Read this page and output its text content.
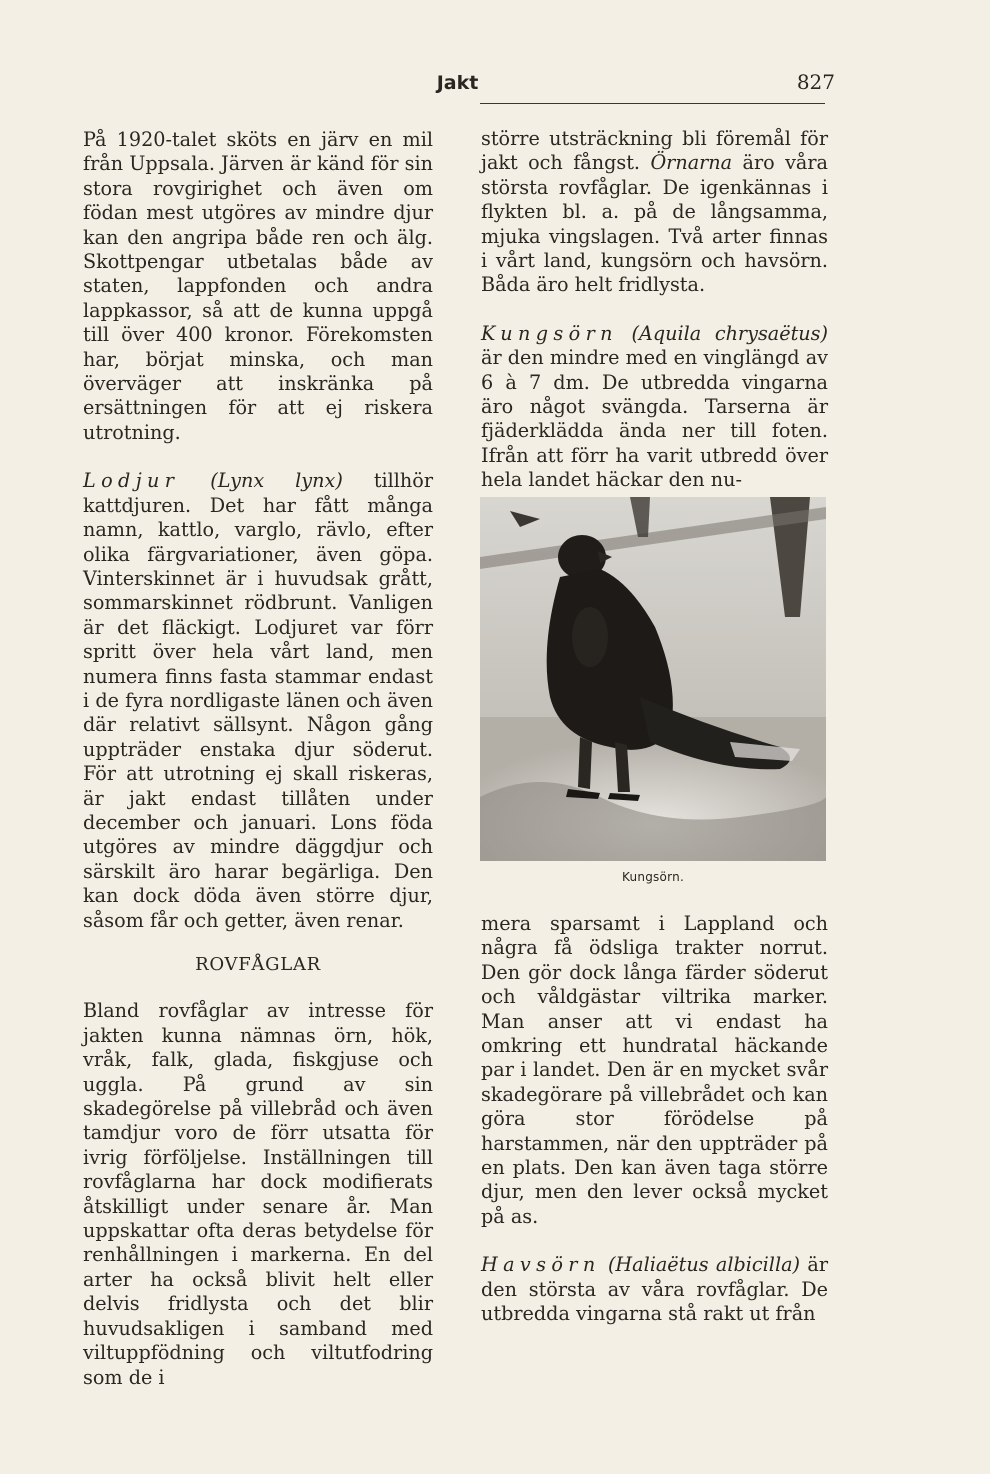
Jakt	827

På 1920-talet sköts en järv en mil från Uppsala. Järven är känd för sin stora rovgirighet och även om födan mest utgöres av mindre djur kan den angripa både ren och älg. Skottpengar utbetalas både av staten, lappfonden och andra lappkassor, så att de kunna uppgå till över 400 kronor. Förekomsten har, börjat minska, och man överväger att inskränka på ersättningen för att ej riskera utrotning.

Lodjur (Lynx lynx) tillhör kattdjuren. Det har fått många namn, kattlo, varglo, rävlo, efter olika färgvariationer, även göpa. Vinterskinnet är i huvudsak grått, sommarskinnet rödbrunt. Vanligen är det fläckigt. Lodjuret var förr spritt över hela vårt land, men numera finns fasta stammar endast i de fyra nordligaste länen och även där relativt sällsynt. Någon gång uppträder enstaka djur söderut. För att utrotning ej skall riskeras, är jakt endast tillåten under december och januari. Lons föda utgöres av mindre däggdjur och särskilt äro harar begärliga. Den kan dock döda även större djur, såsom får och getter, även renar.

ROVFÅGLAR

Bland rovfåglar av intresse för jakten kunna nämnas örn, hök, vråk, falk, glada, fiskgjuse och uggla. På grund av sin skadegörelse på villebråd och även tamdjur voro de förr utsatta för ivrig förföljelse. Inställningen till rovfåglarna har dock modifierats åtskilligt under senare år. Man uppskattar ofta deras betydelse för renhållningen i markerna. En del arter ha också blivit helt eller delvis fridlysta och det blir huvudsakligen i samband med viltuppfödning och viltutfodring som de i

större utsträckning bli föremål för jakt och fångst. Örnarna äro våra största rovfåglar. De igenkännas i flykten bl. a. på de långsamma, mjuka vingslagen. Två arter finnas i vårt land, kungsörn och havsörn. Båda äro helt fridlysta.

Kungsörn (Aquila chrysaëtus) är den mindre med en vinglängd av 6 à 7 dm. De utbredda vingarna äro något svängda. Tarserna är fjäderklädda ända ner till foten. Ifrån att förr ha varit utbredd över hela landet häckar den nu-

Kungsörn.

mera sparsamt i Lappland och några få ödsliga trakter norrut. Den gör dock långa färder söderut och våldgästar viltrika marker. Man anser att vi endast ha omkring ett hundratal häckande par i landet. Den är en mycket svår skadegörare på villebrådet och kan göra stor förödelse på harstammen, när den uppträder på en plats. Den kan även taga större djur, men den lever också mycket på as.

Havsörn (Haliaëtus albicilla) är den största av våra rovfåglar. De utbredda vingarna stå rakt ut från
